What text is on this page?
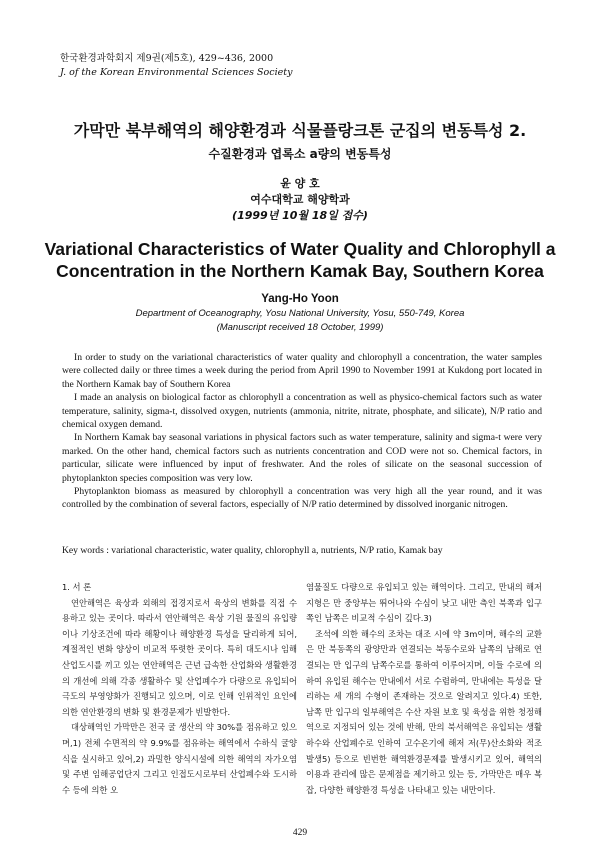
한국환경과학회지 제9권(제5호), 429~436, 2000
J. of the Korean Environmental Sciences Society
가막만 북부해역의 해양환경과 식물플랑크톤 군집의 변동특성 2.
수질환경과 엽록소 a량의 변동특성
윤 양 호
여수대학교 해양학과
(1999년 10월 18일 접수)
Variational Characteristics of Water Quality and Chlorophyll a
Concentration in the Northern Kamak Bay, Southern Korea
Yang-Ho Yoon
Department of Oceanography, Yosu National University, Yosu, 550-749, Korea
(Manuscript received 18 October, 1999)

In order to study on the variational characteristics of water quality and chlorophyll a concentration, the water samples were collected daily or three times a week during the period from April 1990 to November 1991 at Kukdong port located in the Northern Kamak bay of Southern Korea

I made an analysis on biological factor as chlorophyll a concentration as well as physico-chemical factors such as water temperature, salinity, sigma-t, dissolved oxygen, nutrients (ammonia, nitrite, nitrate, phosphate, and silicate), N/P ratio and chemical oxygen demand.

In Northern Kamak bay seasonal variations in physical factors such as water temperature, salinity and sigma-t were very marked. On the other hand, chemical factors such as nutrients concentration and COD were not so. Chemical factors, in particular, silicate were influenced by input of freshwater. And the roles of silicate on the seasonal succession of phytoplankton species composition was very low.

Phytoplankton biomass as measured by chlorophyll a concentration was very high all the year round, and it was controlled by the combination of several factors, especially of N/P ratio determined by dissolved inorganic nitrogen.

Key words : variational characteristic, water quality, chlorophyll a, nutrients, N/P ratio, Kamak bay

1. 서 론

연안해역은 육상과 외해의 접경지로서 육상의 변화를 직접 수용하고 있는 곳이다. 따라서 연안해역은 육상 기원 물질의 유입량이나 기상조건에 따라 해황이나 해양환경 특성을 달리하게 되어, 계절적인 변화 양상이 비교적 뚜렷한 곳이다. 특히 대도시나 임해산업도시를 끼고 있는 연안해역은 근년 급속한 산업화와 생활환경의 개선에 의해 각종 생활하수 및 산업폐수가 다량으로 유입되어 극도의 부영양화가 진행되고 있으며, 이로 인해 인위적인 요인에 의한 연안환경의 변화 및 환경문제가 빈발한다.

대상해역인 가막만은 전국 굴 생산의 약 30%를 점유하고 있으며,1) 전체 수면적의 약 9.9%를 점유하는 해역에서 수하식 굴양식을 실시하고 있어,2) 과밀한 양식시설에 의한 해역의 자가오염 및 주변 임해공업단지 그리고 인접도시로부터 산업폐수와 도시하수 등에 의한 오

염물질도 다량으로 유입되고 있는 해역이다. 그리고, 만내의 해저지형은 만 중앙부는 뛰어나와 수심이 낮고 내만 측인 북쪽과 입구 쪽인 남쪽은 비교적 수심이 깊다.3)

조석에 의한 해수의 조차는 대조 시에 약 3m이며, 해수의 교환은 만 북동쪽의 광양만과 연결되는 북동수로와 남쪽의 남해로 연결되는 만 입구의 남쪽수로를 통하여 이루어지며, 이들 수로에 의하여 유입된 해수는 만내에서 서로 수렴하여, 만내에는 특성을 달리하는 세 개의 수형이 존재하는 것으로 알려지고 있다.4) 또한, 남쪽 만 입구의 일부해역은 수산 자원 보호 및 육성을 위한 청정해역으로 지정되어 있는 것에 반해, 만의 북서해역은 유입되는 생활하수와 산업폐수로 인하여 고수온기에 해저 저(무)산소화와 적조발생5) 등으로 빈번한 해역환경문제를 발생시키고 있어, 해역의 이용과 관리에 많은 문제점을 제기하고 있는 등, 가막만은 매우 복잡, 다양한 해양환경 특성을 나타내고 있는 내만이다.

429
